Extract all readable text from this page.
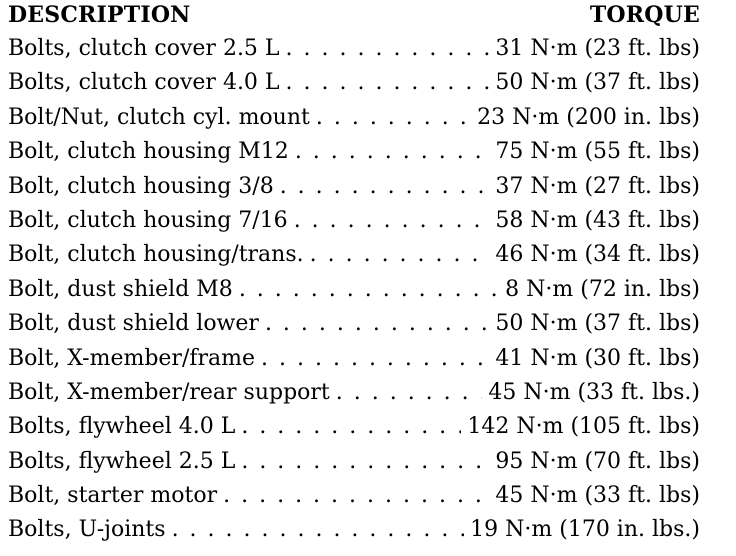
DESCRIPTION	TORQUE
Bolts, clutch cover 2.5 L . . .	31 N·m (23 ft. lbs)
Bolts, clutch cover 4.0 L . . .	50 N·m (37 ft. lbs)
Bolt/Nut, clutch cyl. mount . . .	23 N·m (200 in. lbs)
Bolt, clutch housing M12 . . .	75 N·m (55 ft. lbs)
Bolt, clutch housing 3/8 . . .	37 N·m (27 ft. lbs)
Bolt, clutch housing 7/16 . . .	58 N·m (43 ft. lbs)
Bolt, clutch housing/trans. . . .	46 N·m (34 ft. lbs)
Bolt, dust shield M8 . . .	8 N·m (72 in. lbs)
Bolt, dust shield lower . . .	50 N·m (37 ft. lbs)
Bolt, X-member/frame . . .	41 N·m (30 ft. lbs)
Bolt, X-member/rear support . . .	45 N·m (33 ft. lbs.)
Bolts, flywheel 4.0 L . . .	142 N·m (105 ft. lbs)
Bolts, flywheel 2.5 L . . .	95 N·m (70 ft. lbs)
Bolt, starter motor . . .	45 N·m (33 ft. lbs)
Bolts, U-joints . . .	19 N·m (170 in. lbs.)
